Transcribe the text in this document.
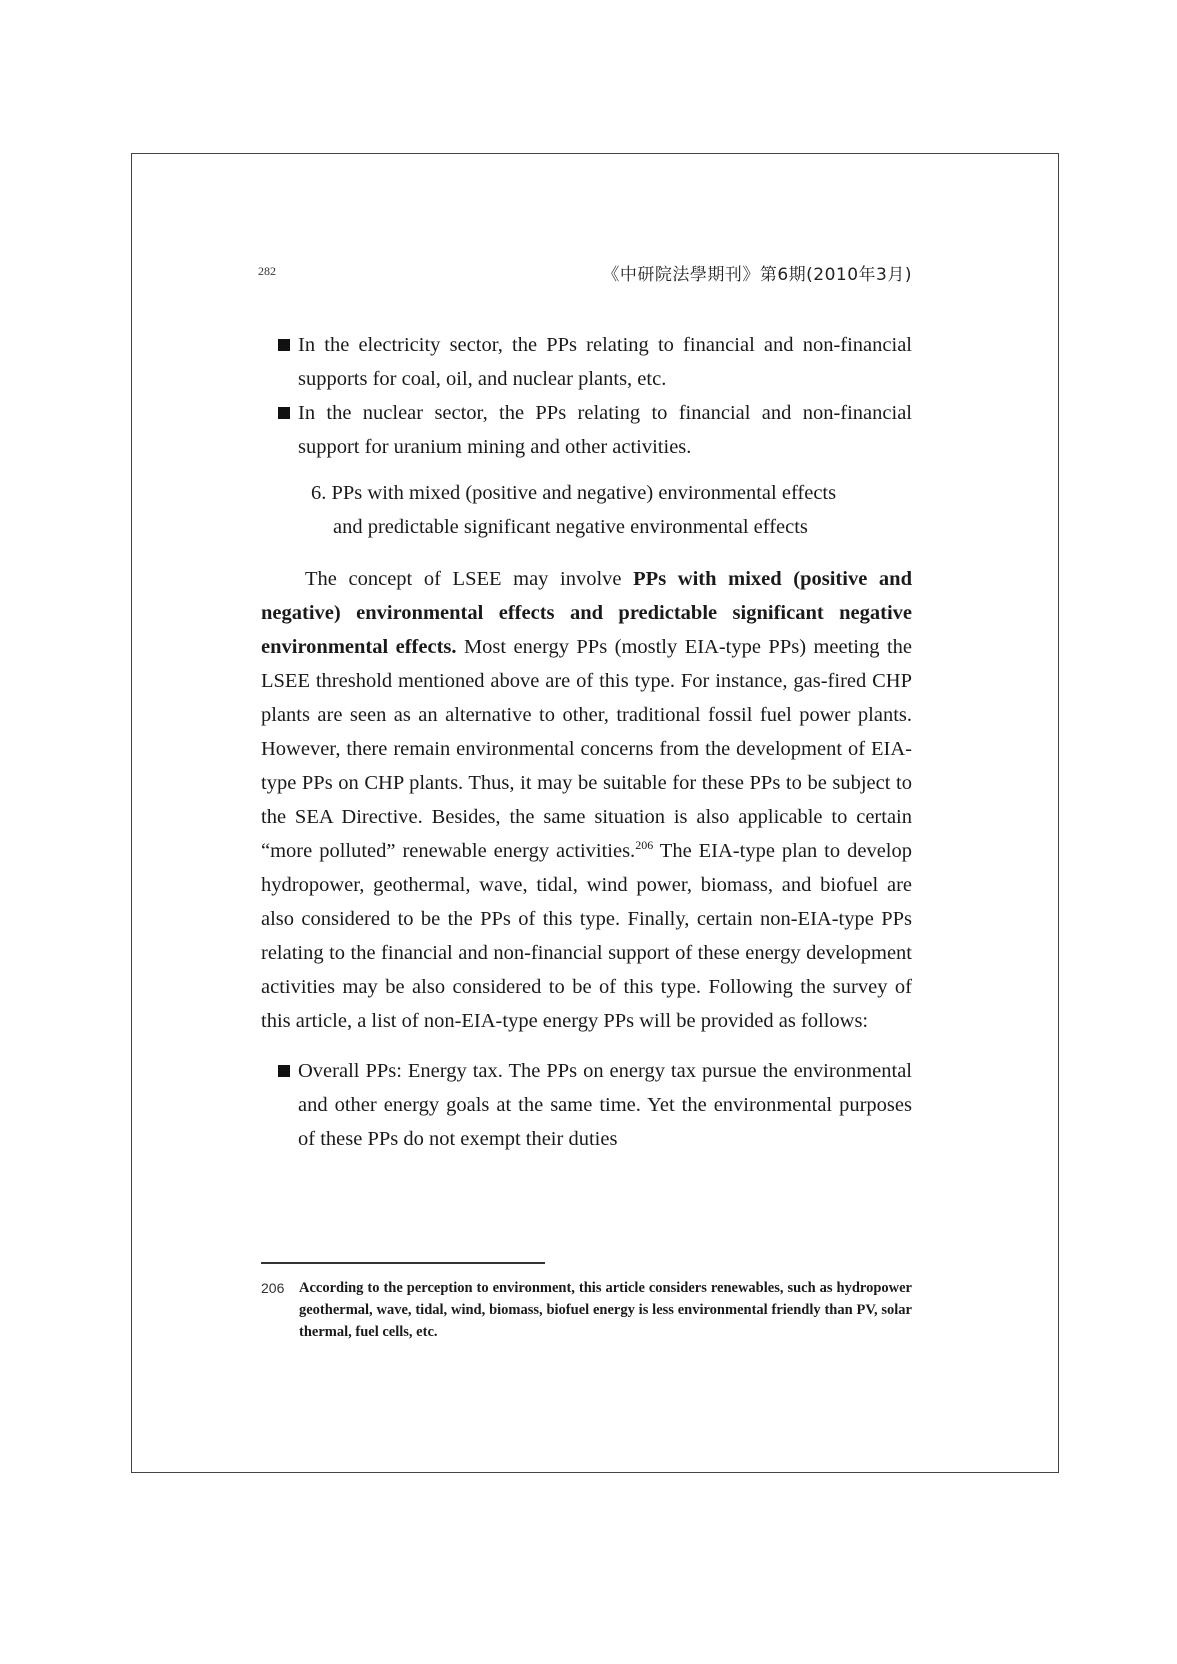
282	《中研院法學期刊》第6期(2010年3月)
In the electricity sector, the PPs relating to financial and non-financial supports for coal, oil, and nuclear plants, etc.
In the nuclear sector, the PPs relating to financial and non-financial support for uranium mining and other activities.
6. PPs with mixed (positive and negative) environmental effects
and predictable significant negative environmental effects
The concept of LSEE may involve PPs with mixed (positive and negative) environmental effects and predictable significant negative environmental effects. Most energy PPs (mostly EIA-type PPs) meeting the LSEE threshold mentioned above are of this type. For instance, gas-fired CHP plants are seen as an alternative to other, traditional fossil fuel power plants. However, there remain environmental concerns from the development of EIA-type PPs on CHP plants. Thus, it may be suitable for these PPs to be subject to the SEA Directive. Besides, the same situation is also applicable to certain “more polluted” renewable energy activities.$^{206}$ The EIA-type plan to develop hydropower, geothermal, wave, tidal, wind power, biomass, and biofuel are also considered to be the PPs of this type. Finally, certain non-EIA-type PPs relating to the financial and non-financial support of these energy development activities may be also considered to be of this type. Following the survey of this article, a list of non-EIA-type energy PPs will be provided as follows:
Overall PPs: Energy tax. The PPs on energy tax pursue the environmental and other energy goals at the same time. Yet the environmental purposes of these PPs do not exempt their duties
206	According to the perception to environment, this article considers renewables, such as hydropower geothermal, wave, tidal, wind, biomass, biofuel energy is less environmental friendly than PV, solar thermal, fuel cells, etc.
